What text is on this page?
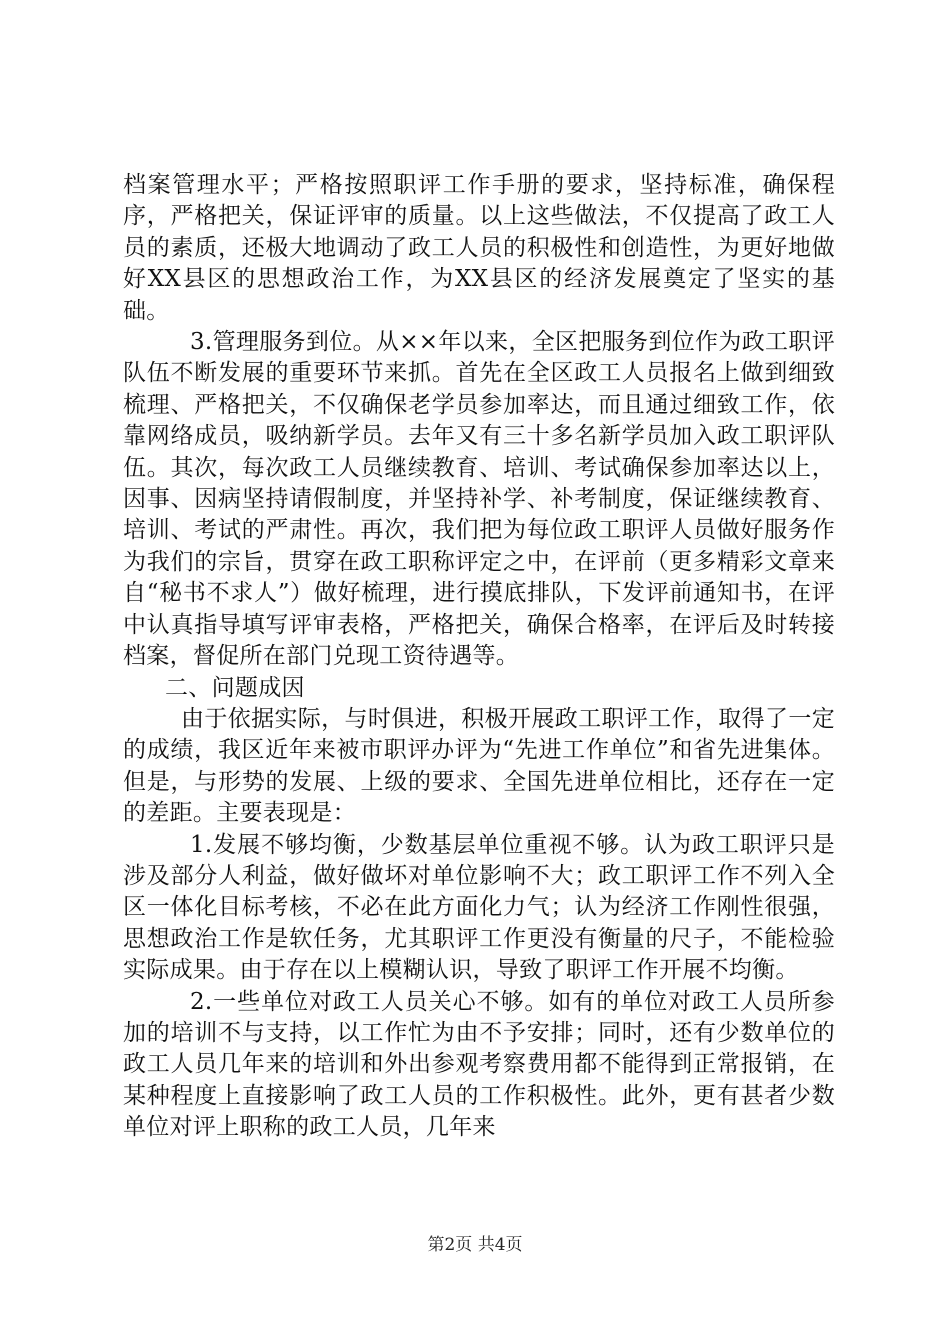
档案管理水平；严格按照职评工作手册的要求，坚持标准，确保程序，严格把关，保证评审的质量。以上这些做法，不仅提高了政工人员的素质，还极大地调动了政工人员的积极性和创造性，为更好地做好XX县区的思想政治工作，为XX县区的经济发展奠定了坚实的基础。

3.管理服务到位。从××年以来，全区把服务到位作为政工职评队伍不断发展的重要环节来抓。首先在全区政工人员报名上做到细致梳理、严格把关，不仅确保老学员参加率达，而且通过细致工作，依靠网络成员，吸纳新学员。去年又有三十多名新学员加入政工职评队伍。其次，每次政工人员继续教育、培训、考试确保参加率达以上，因事、因病坚持请假制度，并坚持补学、补考制度，保证继续教育、培训、考试的严肃性。再次，我们把为每位政工职评人员做好服务作为我们的宗旨，贯穿在政工职称评定之中，在评前（更多精彩文章来自“秘书不求人”）做好梳理，进行摸底排队，下发评前通知书，在评中认真指导填写评审表格，严格把关，确保合格率，在评后及时转接档案，督促所在部门兑现工资待遇等。

二、问题成因

由于依据实际，与时俱进，积极开展政工职评工作，取得了一定的成绩，我区近年来被市职评办评为“先进工作单位”和省先进集体。但是，与形势的发展、上级的要求、全国先进单位相比，还存在一定的差距。主要表现是：

1.发展不够均衡，少数基层单位重视不够。认为政工职评只是涉及部分人利益，做好做坏对单位影响不大；政工职评工作不列入全区一体化目标考核，不必在此方面化力气；认为经济工作刚性很强，思想政治工作是软任务，尤其职评工作更没有衡量的尺子，不能检验实际成果。由于存在以上模糊认识，导致了职评工作开展不均衡。

2.一些单位对政工人员关心不够。如有的单位对政工人员所参加的培训不与支持，以工作忙为由不予安排；同时，还有少数单位的政工人员几年来的培训和外出参观考察费用都不能得到正常报销，在某种程度上直接影响了政工人员的工作积极性。此外，更有甚者少数单位对评上职称的政工人员，几年来

第2页 共4页
